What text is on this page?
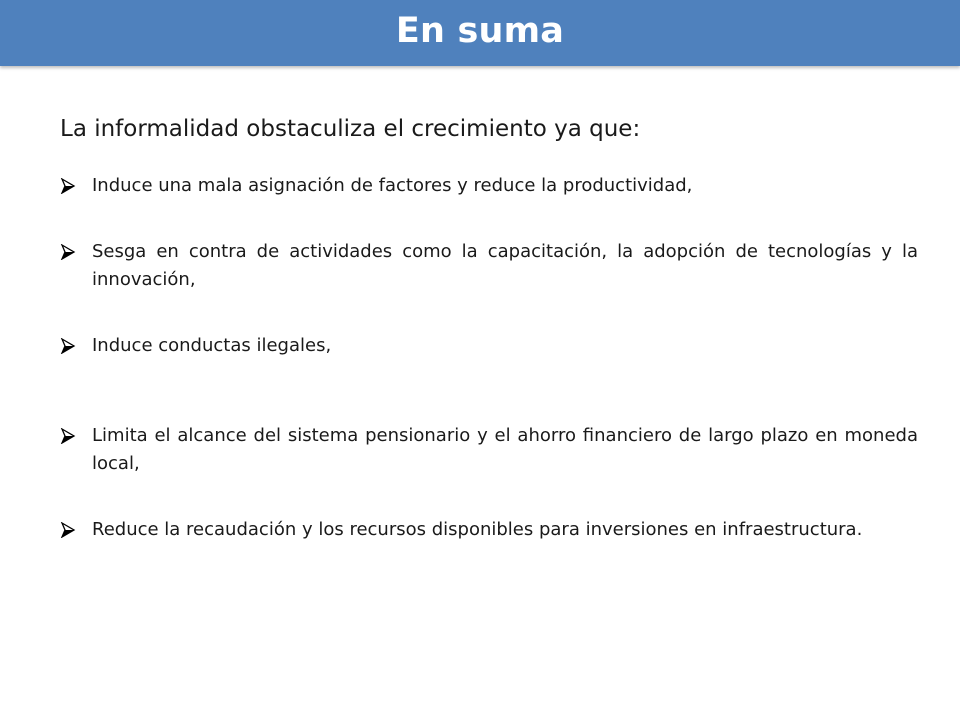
En suma

La informalidad obstaculiza el crecimiento ya que:

Induce una mala asignación de factores y reduce la productividad,
Sesga en contra de actividades como la capacitación, la adopción de tecnologías y la innovación,
Induce conductas ilegales,
Limita el alcance del sistema pensionario y el ahorro financiero de largo plazo en moneda local,
Reduce la recaudación y los recursos disponibles para inversiones en infraestructura.
